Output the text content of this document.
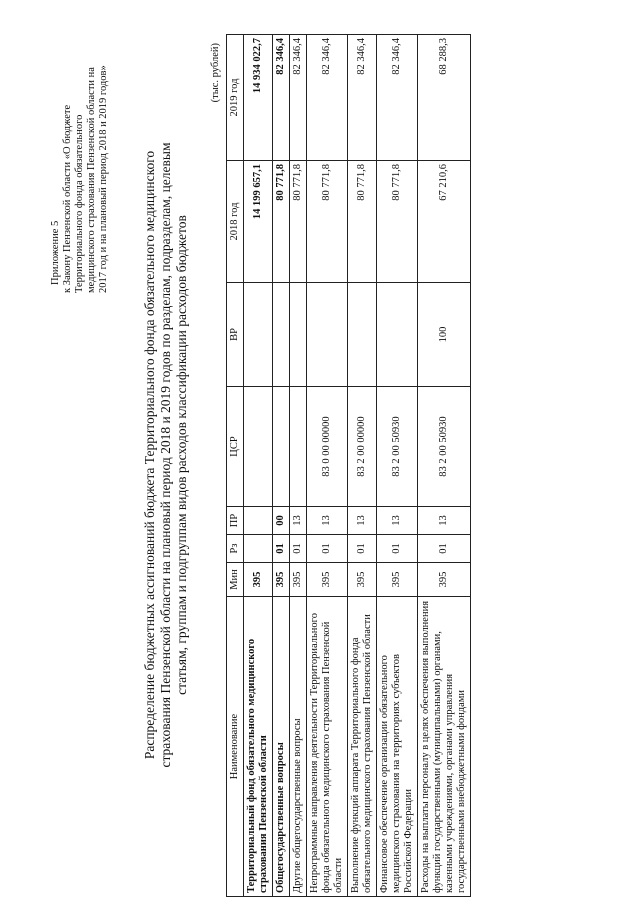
Приложение 5 к Закону Пензенской области «О бюджете Территориального фонда обязательного медицинского страхования Пензенской области на 2017 год и на плановый период 2018 и 2019 годов» Распределение бюджетных ассигнований бюджета Территориального фонда обязательного медицинского страхования Пензенской области на плановый период 2018 и 2019 годов по разделам, подразделам, целевым статьям, группам и подгруппам видов расходов классификации расходов бюджетов
(тыс. рублей)
Наименование	Мин	Рз	ПР	ЦСР	ВР	2018 год	2019 год
Территориальный фонд обязательного медицинского страхования Пензенской области	395					14 199 657,1	14 934 022,7
Общегосударственные вопросы	395	01	00			80 771,8	82 346,4
Другие общегосударственные вопросы	395	01	13			80 771,8	82 346,4
Непрограммные направления деятельности Территориального фонда обязательного медицинского страхования Пензенской области	395	01	13	83 0 00 00000		80 771,8	82 346,4
Выполнение функций аппарата Территориального фонда обязательного медицинского страхования Пензенской области	395	01	13	83 2 00 00000		80 771,8	82 346,4
Финансовое обеспечение организации обязательного медицинского страхования на территориях субъектов Российской Федерации	395	01	13	83 2 00 50930		80 771,8	82 346,4
Расходы на выплаты персоналу в целях обеспечения выполнения функций государственными (муниципальными) органами, казенными учреждениями, органами управления государственными внебюджетными фондами	395	01	13	83 2 00 50930	100	67 210,6	68 288,3
